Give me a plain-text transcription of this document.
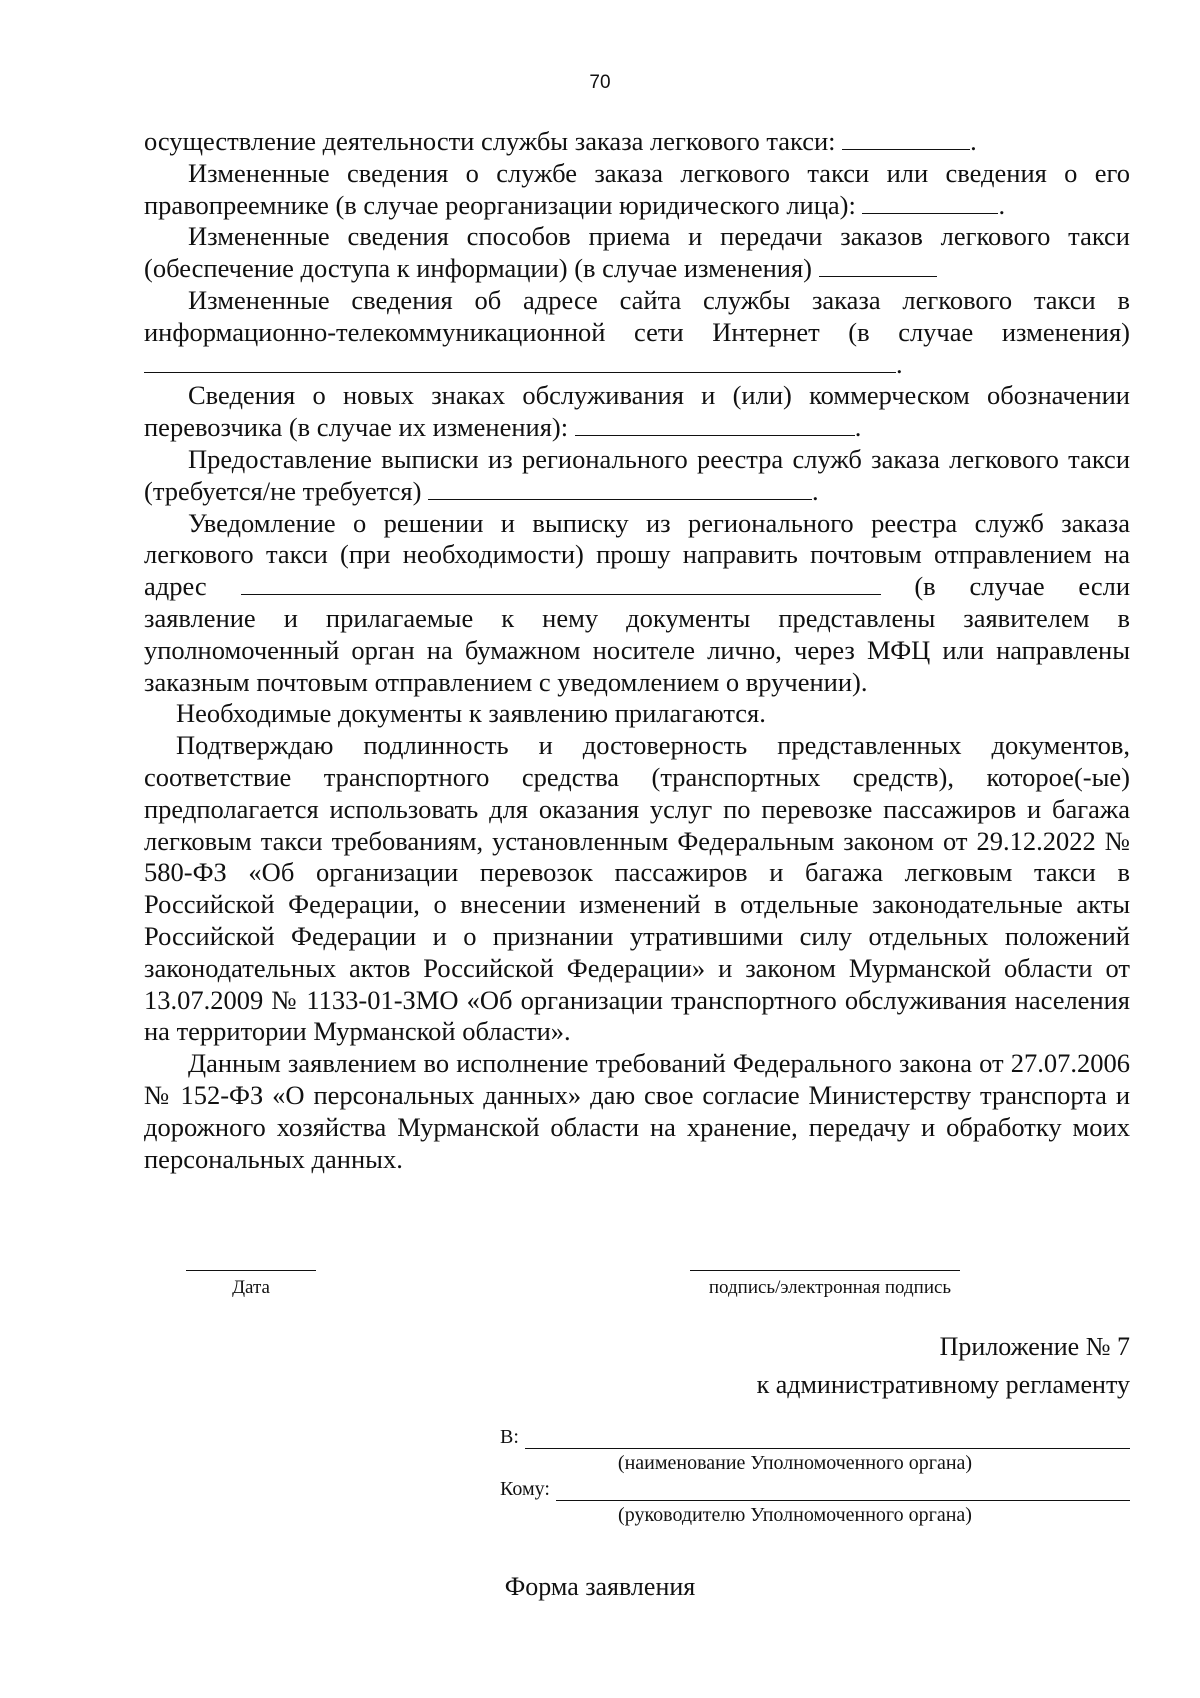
70

осуществление деятельности службы заказа легкового такси:	.

Измененные сведения о службе заказа легкового такси или сведения о его правопреемнике (в случае реорганизации юридического лица):	.

Измененные сведения способов приема и передачи заказов легкового такси (обеспечение доступа к информации) (в случае изменения)

Измененные сведения об адресе сайта службы заказа легкового такси в информационно-телекоммуникационной сети Интернет (в случае изменения) .

Сведения о новых знаках обслуживания и (или) коммерческом обозначении перевозчика (в случае их изменения):	.

Предоставление выписки из регионального реестра служб заказа легкового такси (требуется/не требуется)	.

Уведомление о решении и выписку из регионального реестра служб заказа легкового такси (при необходимости) прошу направить почтовым отправлением на адрес	(в случае если заявление и прилагаемые к нему документы представлены заявителем в уполномоченный орган на бумажном носителе лично, через МФЦ или направлены заказным почтовым отправлением с уведомлением о вручении).

Необходимые документы к заявлению прилагаются.

Подтверждаю подлинность и достоверность представленных документов, соответствие транспортного средства (транспортных средств), которое(-ые) предполагается использовать для оказания услуг по перевозке пассажиров и багажа легковым такси требованиям, установленным Федеральным законом от 29.12.2022 № 580-ФЗ «Об организации перевозок пассажиров и багажа легковым такси в Российской Федерации, о внесении изменений в отдельные законодательные акты Российской Федерации и о признании утратившими силу отдельных положений законодательных актов Российской Федерации» и законом Мурманской области от 13.07.2009 № 1133-01-ЗМО «Об организации транспортного обслуживания населения на территории Мурманской области».

Данным заявлением во исполнение требований Федерального закона от 27.07.2006 № 152-ФЗ «О персональных данных» даю свое согласие Министерству транспорта и дорожного хозяйства Мурманской области на хранение, передачу и обработку моих персональных данных.

Дата	подпись/электронная подпись
Приложение № 7
к административному регламенту
В:
(наименование Уполномоченного органа)
Кому:
(руководителю Уполномоченного органа)
Форма заявления
